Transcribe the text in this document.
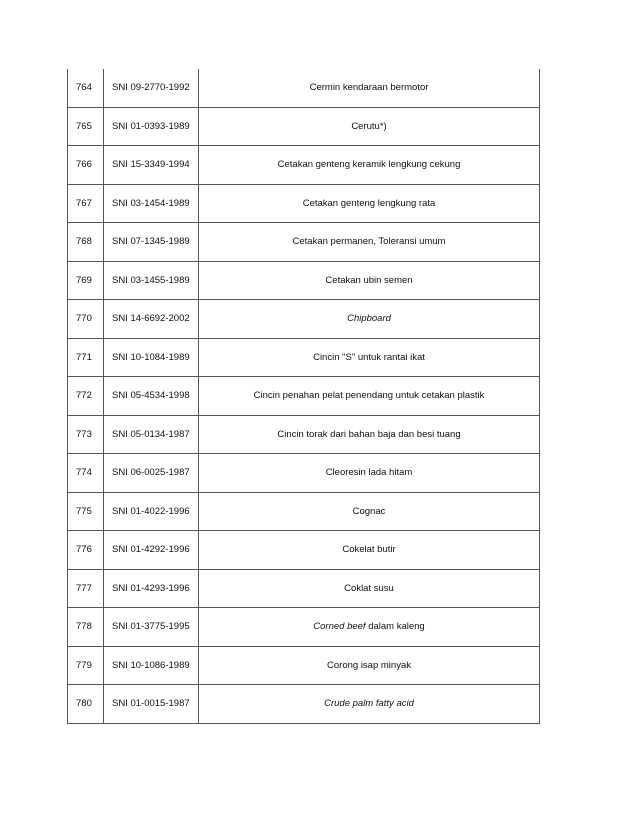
764	SNI 09-2770-1992	Cermin kendaraan bermotor
765	SNI 01-0393-1989	Cerutu*)
766	SNI 15-3349-1994	Cetakan genteng keramik lengkung cekung
767	SNI 03-1454-1989	Cetakan genteng lengkung rata
768	SNI 07-1345-1989	Cetakan permanen, Toleransi umum
769	SNI 03-1455-1989	Cetakan ubin semen
770	SNI 14-6692-2002	Chipboard
771	SNI 10-1084-1989	Cincin "S" untuk rantai ikat
772	SNI 05-4534-1998	Cincin penahan pelat penendang untuk cetakan plastik
773	SNI 05-0134-1987	Cincin torak dari bahan baja dan besi tuang
774	SNI 06-0025-1987	Cleoresin lada hitam
775	SNI 01-4022-1996	Cognac
776	SNI 01-4292-1996	Cokelat butir
777	SNI 01-4293-1996	Coklat susu
778	SNI 01-3775-1995	Corned beef dalam kaleng
779	SNI 10-1086-1989	Corong isap minyak
780	SNI 01-0015-1987	Crude palm fatty acid
